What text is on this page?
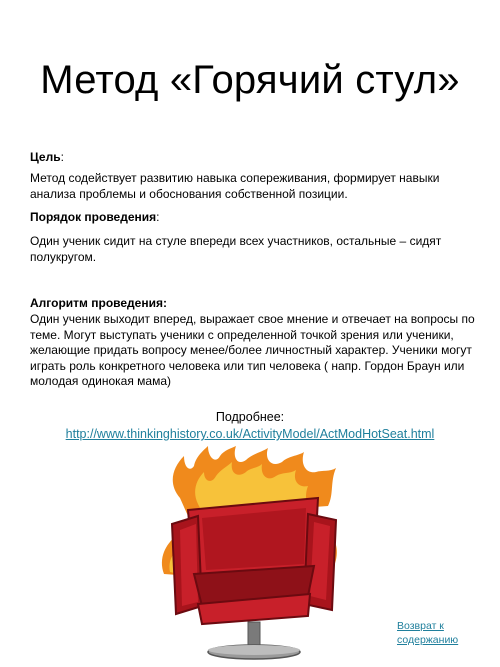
Метод «Горячий стул»

Цель:

Метод содействует развитию навыка сопереживания, формирует навыки анализа проблемы и обоснования собственной позиции.

Порядок проведения:

Один ученик сидит на стуле впереди всех участников, остальные – сидят полукругом.

Алгоритм проведения:

Один ученик выходит вперед, выражает свое мнение и отвечает на вопросы по теме. Могут выступать ученики с определенной точкой зрения или ученики, желающие придать вопросу менее/более личностный характер. Ученики могут играть роль конкретного человека или тип человека ( напр. Гордон Браун или молодая одинокая мама)

Подробнее:
http://www.thinkinghistory.co.uk/ActivityModel/ActModHotSeat.html
Возврат к содержанию
